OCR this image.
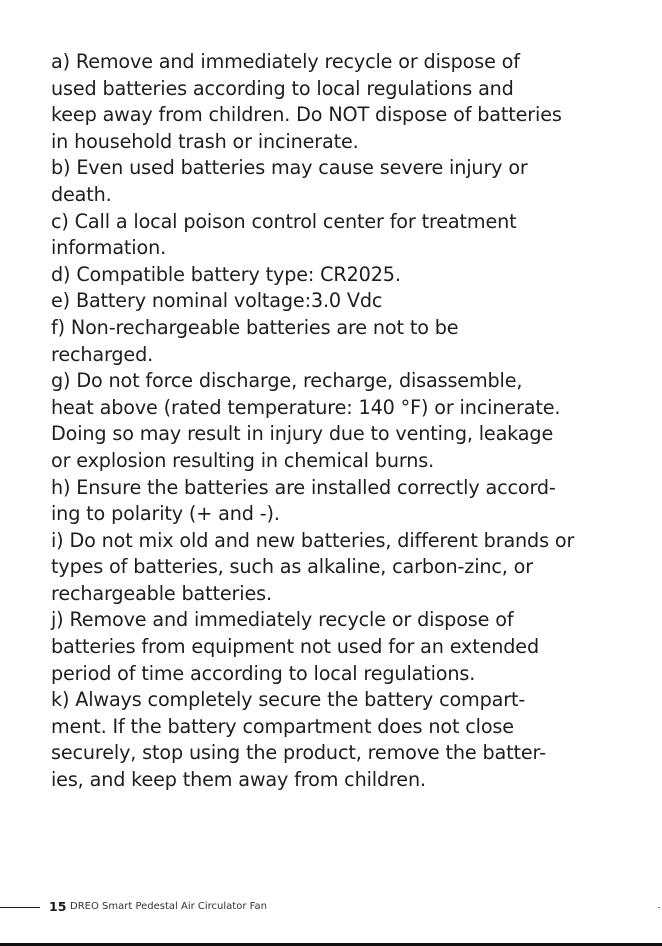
a) Remove and immediately recycle or dispose of
used batteries according to local regulations and
keep away from children. Do NOT dispose of batteries
in household trash or incinerate.
b) Even used batteries may cause severe injury or
death.
c) Call a local poison control center for treatment
information.
d) Compatible battery type: CR2025.
e) Battery nominal voltage:3.0 Vdc
f) Non-rechargeable batteries are not to be
recharged.
g) Do not force discharge, recharge, disassemble,
heat above (rated temperature: 140 °F) or incinerate.
Doing so may result in injury due to venting, leakage
or explosion resulting in chemical burns.
h) Ensure the batteries are installed correctly accord-
ing to polarity (+ and -).
i) Do not mix old and new batteries, different brands or
types of batteries, such as alkaline, carbon-zinc, or
rechargeable batteries.
j) Remove and immediately recycle or dispose of
batteries from equipment not used for an extended
period of time according to local regulations.
k) Always completely secure the battery compart-
ment. If the battery compartment does not close
securely, stop using the product, remove the batter-
ies, and keep them away from children.
15 DREO Smart Pedestal Air Circulator Fan
